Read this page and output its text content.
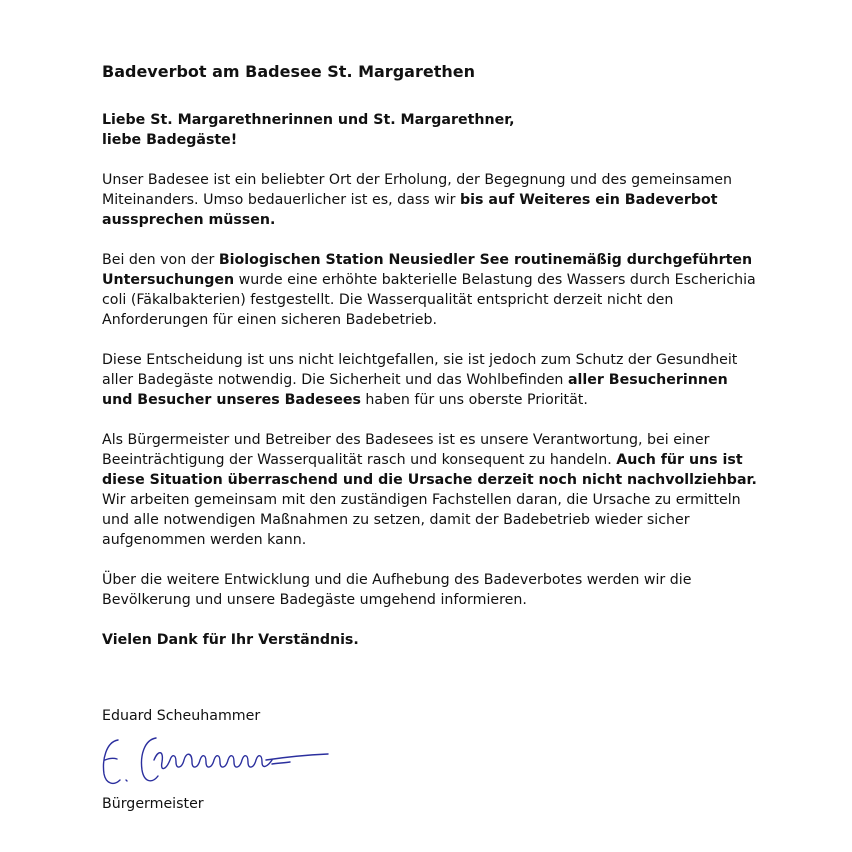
Badeverbot am Badesee St. Margarethen
Liebe St. Margarethnerinnen und St. Margarethner,
liebe Badegäste!

Unser Badesee ist ein beliebter Ort der Erholung, der Begegnung und des gemeinsamen Miteinanders. Umso bedauerlicher ist es, dass wir bis auf Weiteres ein Badeverbot aussprechen müssen.

Bei den von der Biologischen Station Neusiedler See routinemäßig durchgeführten Untersuchungen wurde eine erhöhte bakterielle Belastung des Wassers durch Escherichia coli (Fäkalbakterien) festgestellt. Die Wasserqualität entspricht derzeit nicht den Anforderungen für einen sicheren Badebetrieb.

Diese Entscheidung ist uns nicht leichtgefallen, sie ist jedoch zum Schutz der Gesundheit aller Badegäste notwendig. Die Sicherheit und das Wohlbefinden aller Besucherinnen und Besucher unseres Badesees haben für uns oberste Priorität.

Als Bürgermeister und Betreiber des Badesees ist es unsere Verantwortung, bei einer Beeinträchtigung der Wasserqualität rasch und konsequent zu handeln. Auch für uns ist diese Situation überraschend und die Ursache derzeit noch nicht nachvollziehbar. Wir arbeiten gemeinsam mit den zuständigen Fachstellen daran, die Ursache zu ermitteln und alle notwendigen Maßnahmen zu setzen, damit der Badebetrieb wieder sicher aufgenommen werden kann.

Über die weitere Entwicklung und die Aufhebung des Badeverbotes werden wir die Bevölkerung und unsere Badegäste umgehend informieren.

Vielen Dank für Ihr Verständnis.
Eduard Scheuhammer
Bürgermeister
